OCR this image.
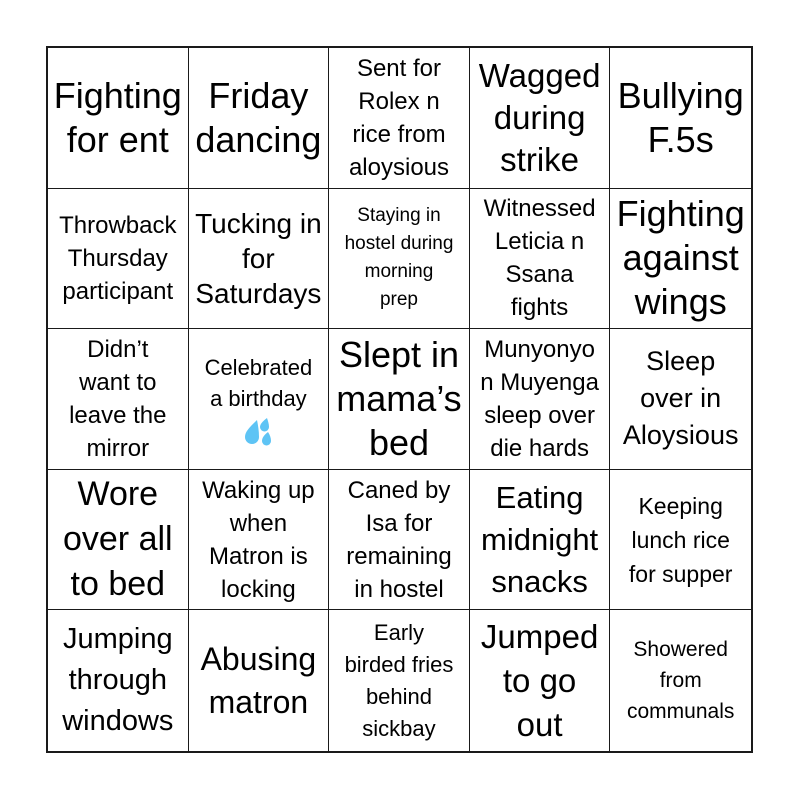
Fighting
for ent
Friday
dancing
Sent for
Rolex n
rice from
aloysious
Wagged
during
strike
Bullying
F.5s
Throwback
Thursday
participant
Tucking in
for
Saturdays
Staying in
hostel during
morning
prep
Witnessed
Leticia n
Ssana
fights
Fighting
against
wings
Didn’t
want to
leave the
mirror
Celebrated
a birthday
Slept in
mama’s
bed
Munyonyo
n Muyenga
sleep over
die hards
Sleep
over in
Aloysious
Wore
over all
to bed
Waking up
when
Matron is
locking
Caned by
Isa for
remaining
in hostel
Eating
midnight
snacks
Keeping
lunch rice
for supper
Jumping
through
windows
Abusing
matron
Early
birded fries
behind
sickbay
Jumped
to go
out
Showered
from
communals
